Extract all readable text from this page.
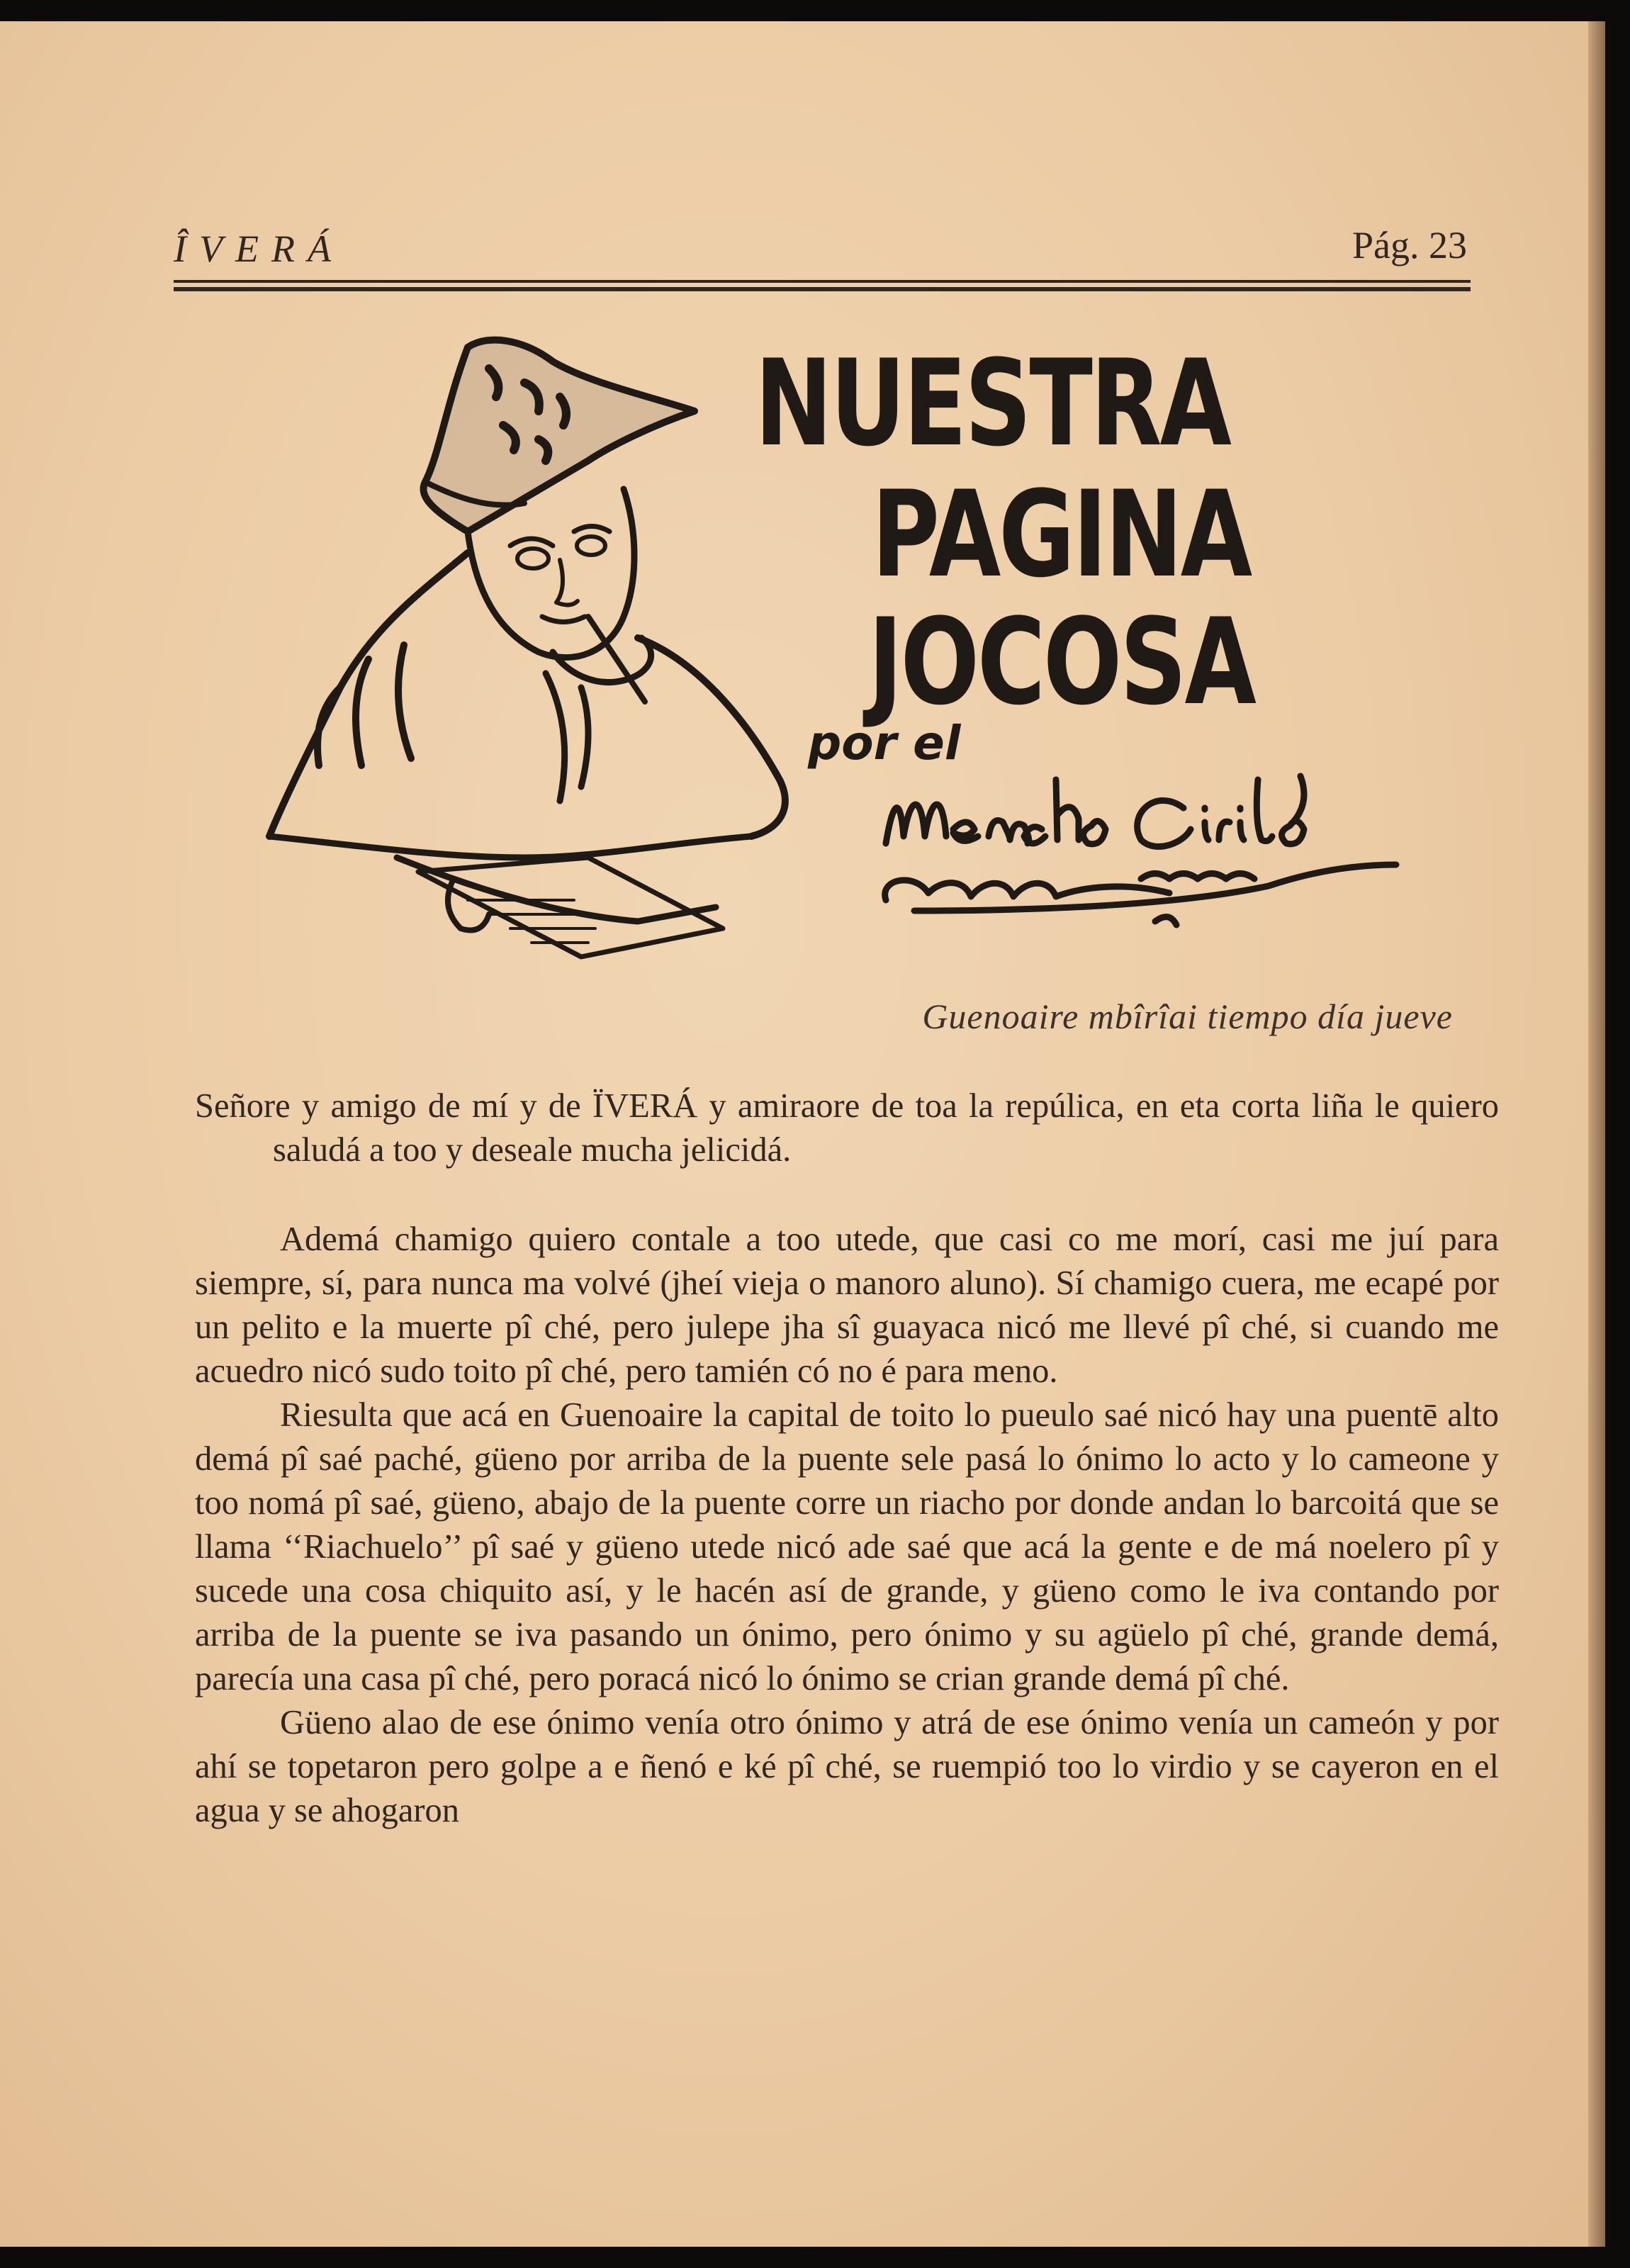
ÎVERÁ	Pág. 23
NUESTRA
PAGINA
JOCOSA
por el
Guenoaire mbîrîai tiempo día jueve

Señore y amigo de mí y de ÏVERÁ y amiraore de toa la repúlica, en eta corta liña le quiero saludá a too y deseale mucha jelicidá.

Ademá chamigo quiero contale a too utede, que casi co me morí, casi me juí para siempre, sí, para nunca ma volvé (jheí vieja o manoro aluno). Sí chamigo cuera, me ecapé por un pelito e la muerte pî ché, pero julepe jha sî guayaca nicó me llevé pî ché, si cuando me acuedro nicó sudo toito pî ché, pero tamién có no é para meno.

Riesulta que acá en Guenoaire la capital de toito lo pueulo saé nicó hay una puentē alto demá pî saé paché, güeno por arriba de la puente sele pasá lo ónimo lo acto y lo cameone y too nomá pî saé, güeno, abajo de la puente corre un riacho por donde andan lo barcoitá que se llama ‘‘Riachuelo’’ pî saé y güeno utede nicó ade saé que acá la gente e de má noelero pî y sucede una cosa chiquito así, y le hacén así de grande, y güeno como le iva contando por arriba de la puente se iva pasando un ónimo, pero ónimo y su agüelo pî ché, grande demá, parecía una casa pî ché, pero poracá nicó lo ónimo se crian grande demá pî ché.

Güeno alao de ese ónimo venía otro ónimo y atrá de ese ónimo venía un cameón y por ahí se topetaron pero golpe a e ñenó e ké pî ché, se ruempió too lo virdio y se cayeron en el agua y se ahogaron
